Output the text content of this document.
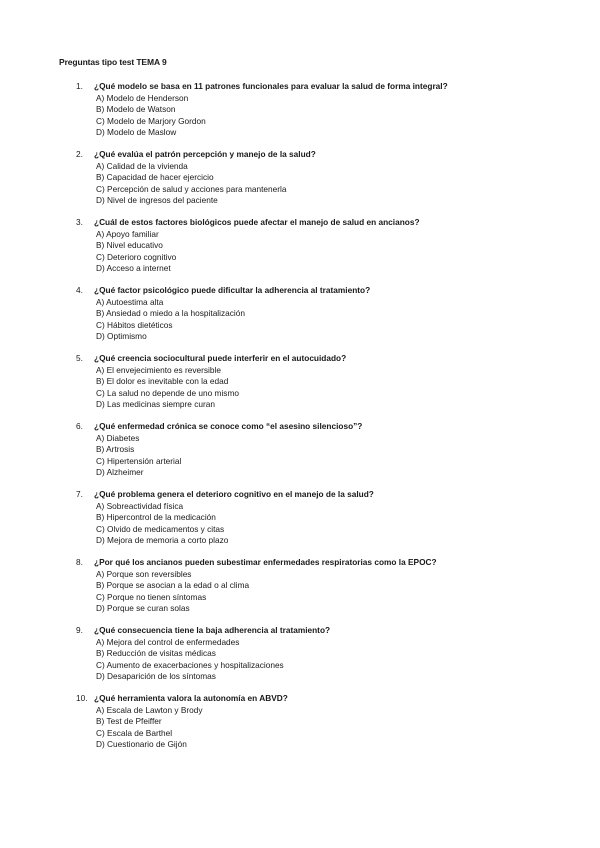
Preguntas tipo test TEMA 9
1. ¿Qué modelo se basa en 11 patrones funcionales para evaluar la salud de forma integral?
A) Modelo de Henderson
B) Modelo de Watson
C) Modelo de Marjory Gordon
D) Modelo de Maslow
2. ¿Qué evalúa el patrón percepción y manejo de la salud?
A) Calidad de la vivienda
B) Capacidad de hacer ejercicio
C) Percepción de salud y acciones para mantenerla
D) Nivel de ingresos del paciente
3. ¿Cuál de estos factores biológicos puede afectar el manejo de salud en ancianos?
A) Apoyo familiar
B) Nivel educativo
C) Deterioro cognitivo
D) Acceso a internet
4. ¿Qué factor psicológico puede dificultar la adherencia al tratamiento?
A) Autoestima alta
B) Ansiedad o miedo a la hospitalización
C) Hábitos dietéticos
D) Optimismo
5. ¿Qué creencia sociocultural puede interferir en el autocuidado?
A) El envejecimiento es reversible
B) El dolor es inevitable con la edad
C) La salud no depende de uno mismo
D) Las medicinas siempre curan
6. ¿Qué enfermedad crónica se conoce como “el asesino silencioso”?
A) Diabetes
B) Artrosis
C) Hipertensión arterial
D) Alzheimer
7. ¿Qué problema genera el deterioro cognitivo en el manejo de la salud?
A) Sobreactividad física
B) Hipercontrol de la medicación
C) Olvido de medicamentos y citas
D) Mejora de memoria a corto plazo
8. ¿Por qué los ancianos pueden subestimar enfermedades respiratorias como la EPOC?
A) Porque son reversibles
B) Porque se asocian a la edad o al clima
C) Porque no tienen síntomas
D) Porque se curan solas
9. ¿Qué consecuencia tiene la baja adherencia al tratamiento?
A) Mejora del control de enfermedades
B) Reducción de visitas médicas
C) Aumento de exacerbaciones y hospitalizaciones
D) Desaparición de los síntomas
10. ¿Qué herramienta valora la autonomía en ABVD?
A) Escala de Lawton y Brody
B) Test de Pfeiffer
C) Escala de Barthel
D) Cuestionario de Gijón
